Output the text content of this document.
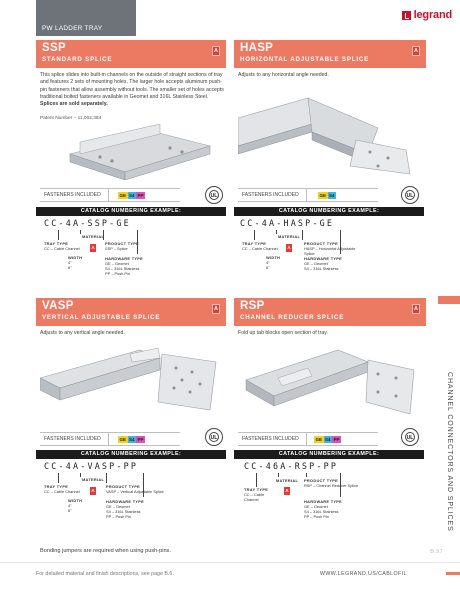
PW LADDER TRAY
legrand
SSP
STANDARD SPLICE
A
This splice slides into built-in channels on the outside of straight sections of tray and features 2 sets of mounting holes. The larger hole accepts aluminum push-pin fasteners that allow assembly without tools. The smaller set of holes accepts traditional bolted fasteners available in Geomet and 316L Stainless Steel. Splices are sold separately.
Patent Number – 11,002,384
FASTENERS INCLUDED	GE S4 PP	UL
CATALOG NUMBERING EXAMPLE:
CC-4A-SSP-GE
MATERIAL
A
TRAY TYPE
CC – Cable Channel
WIDTH
4"
6"
PRODUCT TYPE
SSP – Splice
HARDWARE TYPE
GE – Geomet
S4 – 316L Stainless
PP – Push Pin
HASP
HORIZONTAL ADJUSTABLE SPLICE
A
Adjusts to any horizontal angle needed.
FASTENERS INCLUDED	GE S4	UL
CATALOG NUMBERING EXAMPLE:
CC-4A-HASP-GE
MATERIAL
A
TRAY TYPE
CC – Cable Channel
WIDTH
4"
6"
PRODUCT TYPE
HASP – Horizontal Adjustable Splice
HARDWARE TYPE
GE – Geomet
S4 – 316L Stainless
VASP
VERTICAL ADJUSTABLE SPLICE
A
Adjusts to any vertical angle needed.
FASTENERS INCLUDED	GE S4 PP	UL
CATALOG NUMBERING EXAMPLE:
CC-4A-VASP-PP
MATERIAL
A
TRAY TYPE
CC – Cable Channel
WIDTH
4"
6"
PRODUCT TYPE
VASP – Vertical Adjustable Splice
HARDWARE TYPE
GE – Geomet
S4 – 316L Stainless
PP – Push Pin
RSP
CHANNEL REDUCER SPLICE
A
Fold up tab blocks open section of tray.
FASTENERS INCLUDED	GE S4 PP	UL
CATALOG NUMBERING EXAMPLE:
CC-46A-RSP-PP
MATERIAL
A
TRAY TYPE
CC – Cable Channel
PRODUCT TYPE
RSP – Channel Reducer Splice
HARDWARE TYPE
GE – Geomet
S4 – 316L Stainless
PP – Push Pin	CHANNEL CONNECTORS AND SPLICES
Bonding jumpers are required when using push-pins.	B.97
For detailed material and finish descriptions, see page B.6.	WWW.LEGRAND.US/CABLOFIL
